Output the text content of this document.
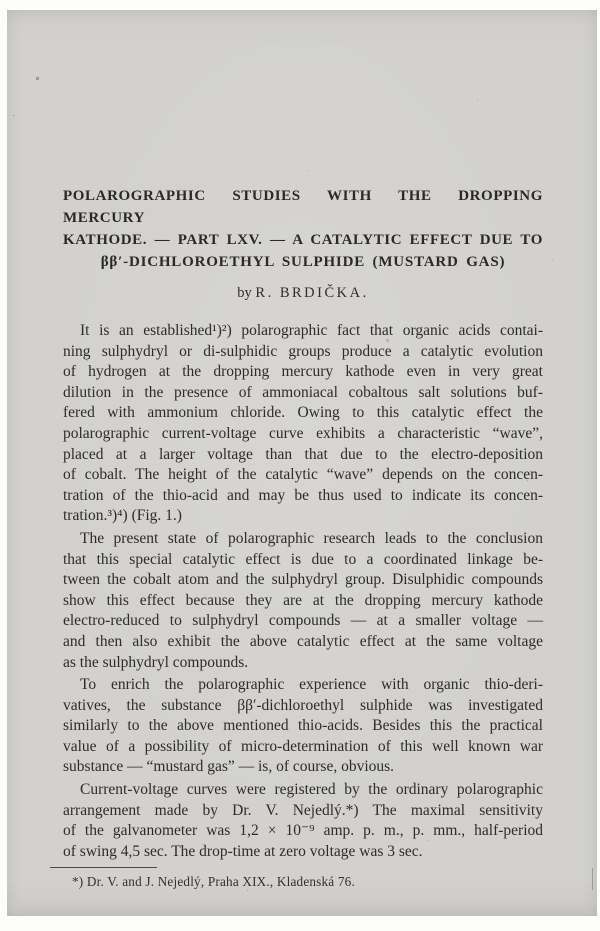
POLAROGRAPHIC STUDIES WITH THE DROPPING MERCURY
KATHODE. — PART LXV. — A CATALYTIC EFFECT DUE TO
ββ′-DICHLOROETHYL SULPHIDE (MUSTARD GAS)
by R. BRDIČKA.
It is an established¹)²) polarographic fact that organic acids contai-
ning sulphydryl or di-sulphidic groups produce a catalytic evolution
of hydrogen at the dropping mercury kathode even in very great
dilution in the presence of ammoniacal cobaltous salt solutions buf-
fered with ammonium chloride. Owing to this catalytic effect the
polarographic current-voltage curve exhibits a characteristic “wave”,
placed at a larger voltage than that due to the electro-deposition
of cobalt. The height of the catalytic “wave” depends on the concen-
tration of the thio-acid and may be thus used to indicate its concen-
tration.³)⁴) (Fig. 1.)
The present state of polarographic research leads to the conclusion
that this special catalytic effect is due to a coordinated linkage be-
tween the cobalt atom and the sulphydryl group. Disulphidic compounds
show this effect because they are at the dropping mercury kathode
electro-reduced to sulphydryl compounds — at a smaller voltage —
and then also exhibit the above catalytic effect at the same voltage
as the sulphydryl compounds.
To enrich the polarographic experience with organic thio-deri-
vatives, the substance ββ′-dichloroethyl sulphide was investigated
similarly to the above mentioned thio-acids. Besides this the practical
value of a possibility of micro-determination of this well known war
substance — “mustard gas” — is, of course, obvious.
Current-voltage curves were registered by the ordinary polarographic
arrangement made by Dr. V. Nejedlý.*) The maximal sensitivity
of the galvanometer was 1,2 × 10⁻⁹ amp. p. m., p. mm., half-period
of swing 4,5 sec. The drop-time at zero voltage was 3 sec.
*) Dr. V. and J. Nejedlý, Praha XIX., Kladenská 76.
